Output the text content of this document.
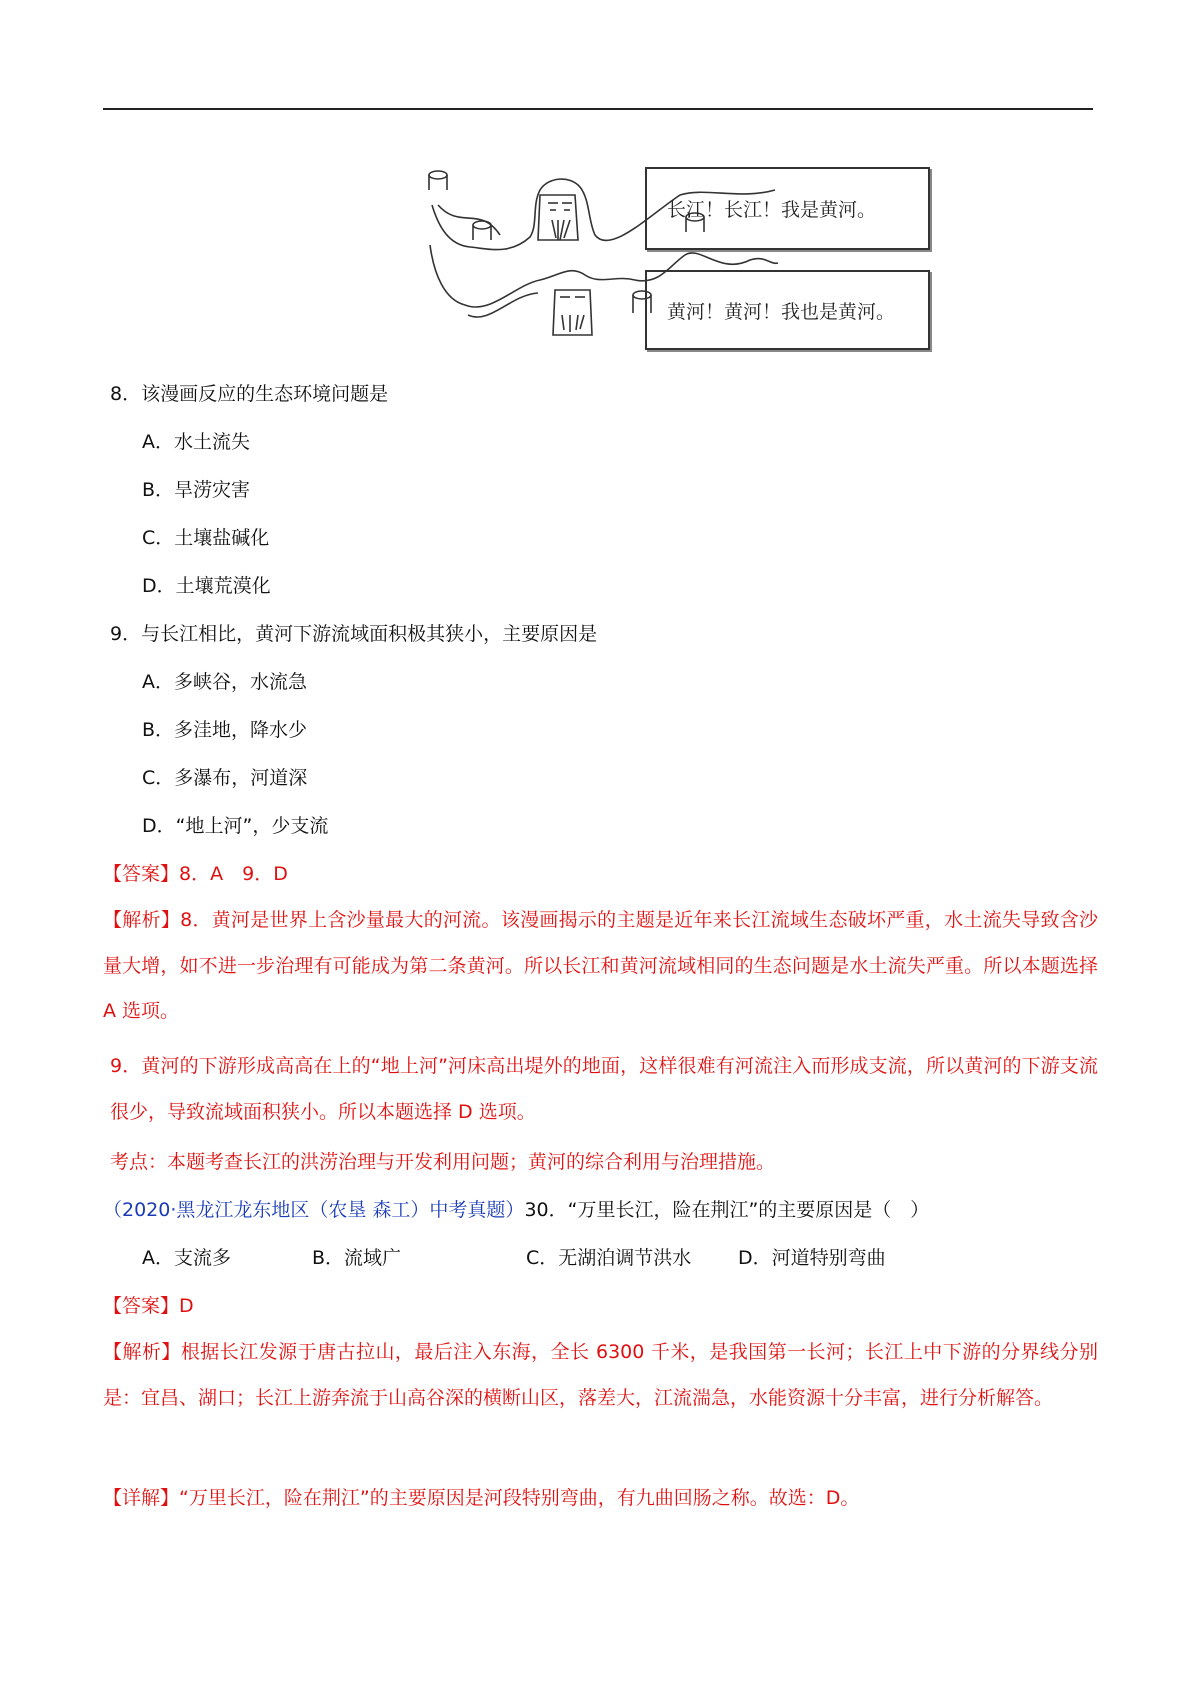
长江！长江！我是黄河。
黄河！黄河！我也是黄河。
8．该漫画反应的生态环境问题是
A．水土流失
B．旱涝灾害
C．土壤盐碱化
D．土壤荒漠化
9．与长江相比，黄河下游流域面积极其狭小，主要原因是
A．多峡谷，水流急
B．多洼地，降水少
C．多瀑布，河道深
D．“地上河”，少支流
【答案】8．A　9．D
【解析】8．黄河是世界上含沙量最大的河流。该漫画揭示的主题是近年来长江流域生态破坏严重，水土流失导致含沙量大增，如不进一步治理有可能成为第二条黄河。所以长江和黄河流域相同的生态问题是水土流失严重。所以本题选择 A 选项。
9．黄河的下游形成高高在上的“地上河”河床高出堤外的地面，这样很难有河流注入而形成支流，所以黄河的下游支流很少，导致流域面积狭小。所以本题选择 D 选项。
考点：本题考查长江的洪涝治理与开发利用问题；黄河的综合利用与治理措施。
（2020·黑龙江龙东地区（农垦 森工）中考真题）30．“万里长江，险在荆江”的主要原因是（　）
A．支流多	B．流域广	C．无湖泊调节洪水 D．河道特别弯曲
【答案】D
【解析】根据长江发源于唐古拉山，最后注入东海，全长 6300 千米，是我国第一长河；长江上中下游的分界线分别是：宜昌、湖口；长江上游奔流于山高谷深的横断山区，落差大，江流湍急，水能资源十分丰富，进行分析解答。
【详解】“万里长江，险在荆江”的主要原因是河段特别弯曲，有九曲回肠之称。故选：D。
